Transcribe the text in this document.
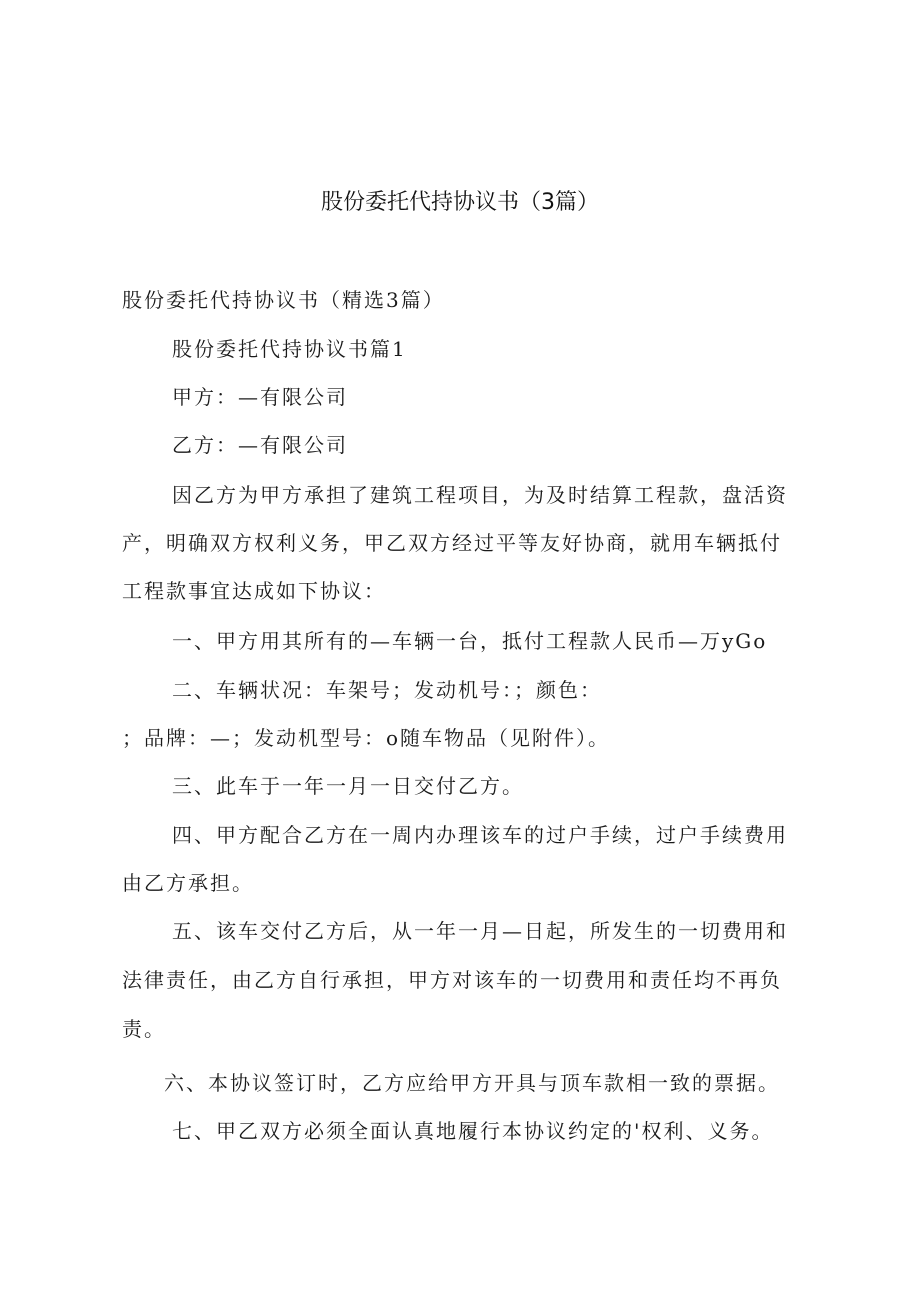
股份委托代持协议书（3篇）
股份委托代持协议书（精选3篇）
股份委托代持协议书篇1
甲方：—有限公司
乙方：—有限公司
因乙方为甲方承担了建筑工程项目，为及时结算工程款，盘活资
产，明确双方权利义务，甲乙双方经过平等友好协商，就用车辆抵付
工程款事宜达成如下协议：
一、甲方用其所有的—车辆一台，抵付工程款人民币—万yGo
二、车辆状况：车架号；发动机号：；颜色：
；品牌：—；发动机型号：o随车物品（见附件）。
三、此车于一年一月一日交付乙方。
四、甲方配合乙方在一周内办理该车的过户手续，过户手续费用
由乙方承担。
五、该车交付乙方后，从一年一月—日起，所发生的一切费用和
法律责任，由乙方自行承担，甲方对该车的一切费用和责任均不再负
责。
六、本协议签订时，乙方应给甲方开具与顶车款相一致的票据。
七、甲乙双方必须全面认真地履行本协议约定的'权利、义务。
